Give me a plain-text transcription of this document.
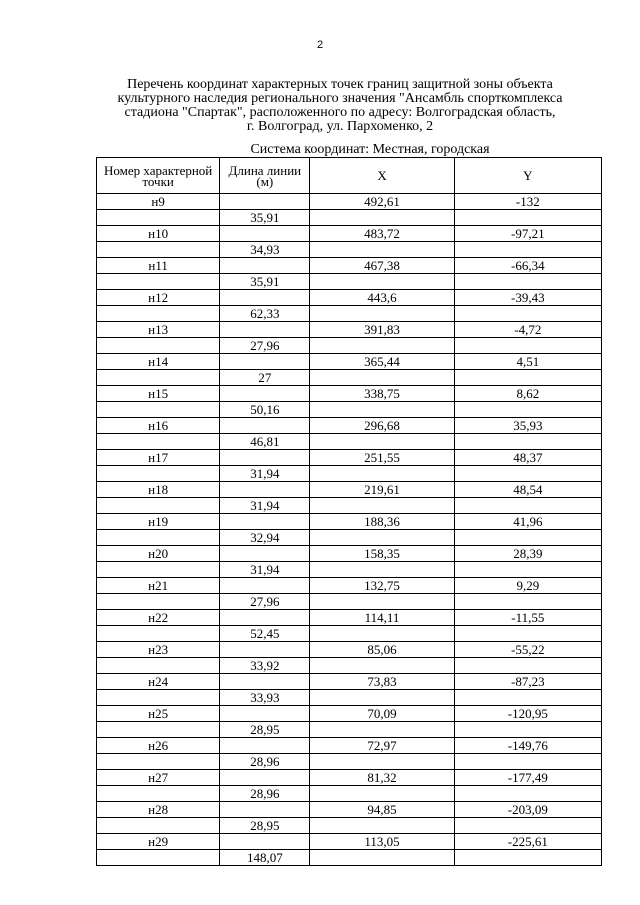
2
Перечень координат характерных точек границ защитной зоны объекта
культурного наследия регионального значения "Ансамбль спорткомплекса
стадиона "Спартак", расположенного по адресу: Волгоградская область,
г. Волгоград, ул. Пархоменко, 2
Система координат: Местная, городская
Номер характерной точки	Длина линии (м)	X	Y
н9		492,61	-132
	35,91		
н10		483,72	-97,21
	34,93		
н11		467,38	-66,34
	35,91		
н12		443,6	-39,43
	62,33		
н13		391,83	-4,72
	27,96		
н14		365,44	4,51
	27		
н15		338,75	8,62
	50,16		
н16		296,68	35,93
	46,81		
н17		251,55	48,37
	31,94		
н18		219,61	48,54
	31,94		
н19		188,36	41,96
	32,94		
н20		158,35	28,39
	31,94		
н21		132,75	9,29
	27,96		
н22		114,11	-11,55
	52,45		
н23		85,06	-55,22
	33,92		
н24		73,83	-87,23
	33,93		
н25		70,09	-120,95
	28,95		
н26		72,97	-149,76
	28,96		
н27		81,32	-177,49
	28,96		
н28		94,85	-203,09
	28,95		
н29		113,05	-225,61
	148,07		
